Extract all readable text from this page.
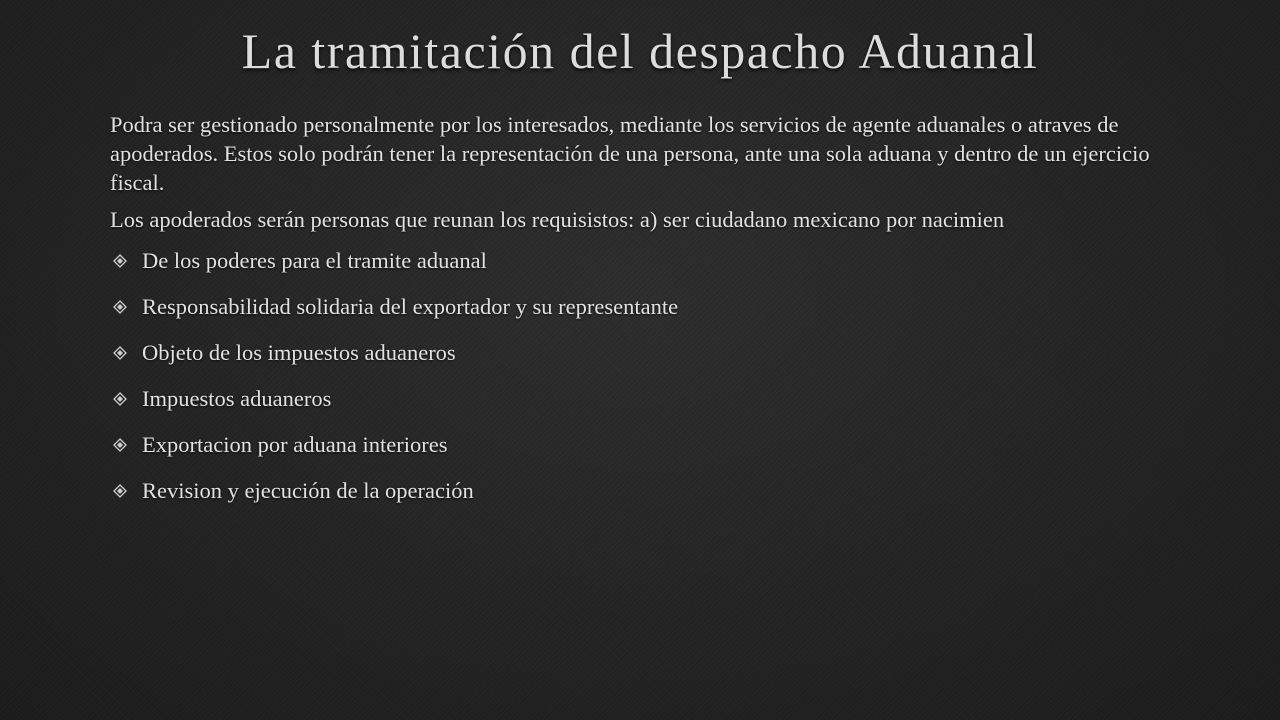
La tramitación del despacho Aduanal

Podra ser gestionado personalmente por los interesados, mediante los servicios de agente aduanales o atraves de apoderados. Estos solo podrán tener la representación de una persona, ante una sola aduana y dentro de un ejercicio fiscal.

Los apoderados serán personas que reunan los requisistos: a) ser ciudadano mexicano por nacimien

De los poderes para el tramite aduanal
Responsabilidad solidaria del exportador y su representante
Objeto de los impuestos aduaneros
Impuestos aduaneros
Exportacion por aduana interiores
Revision y ejecución de la operación
